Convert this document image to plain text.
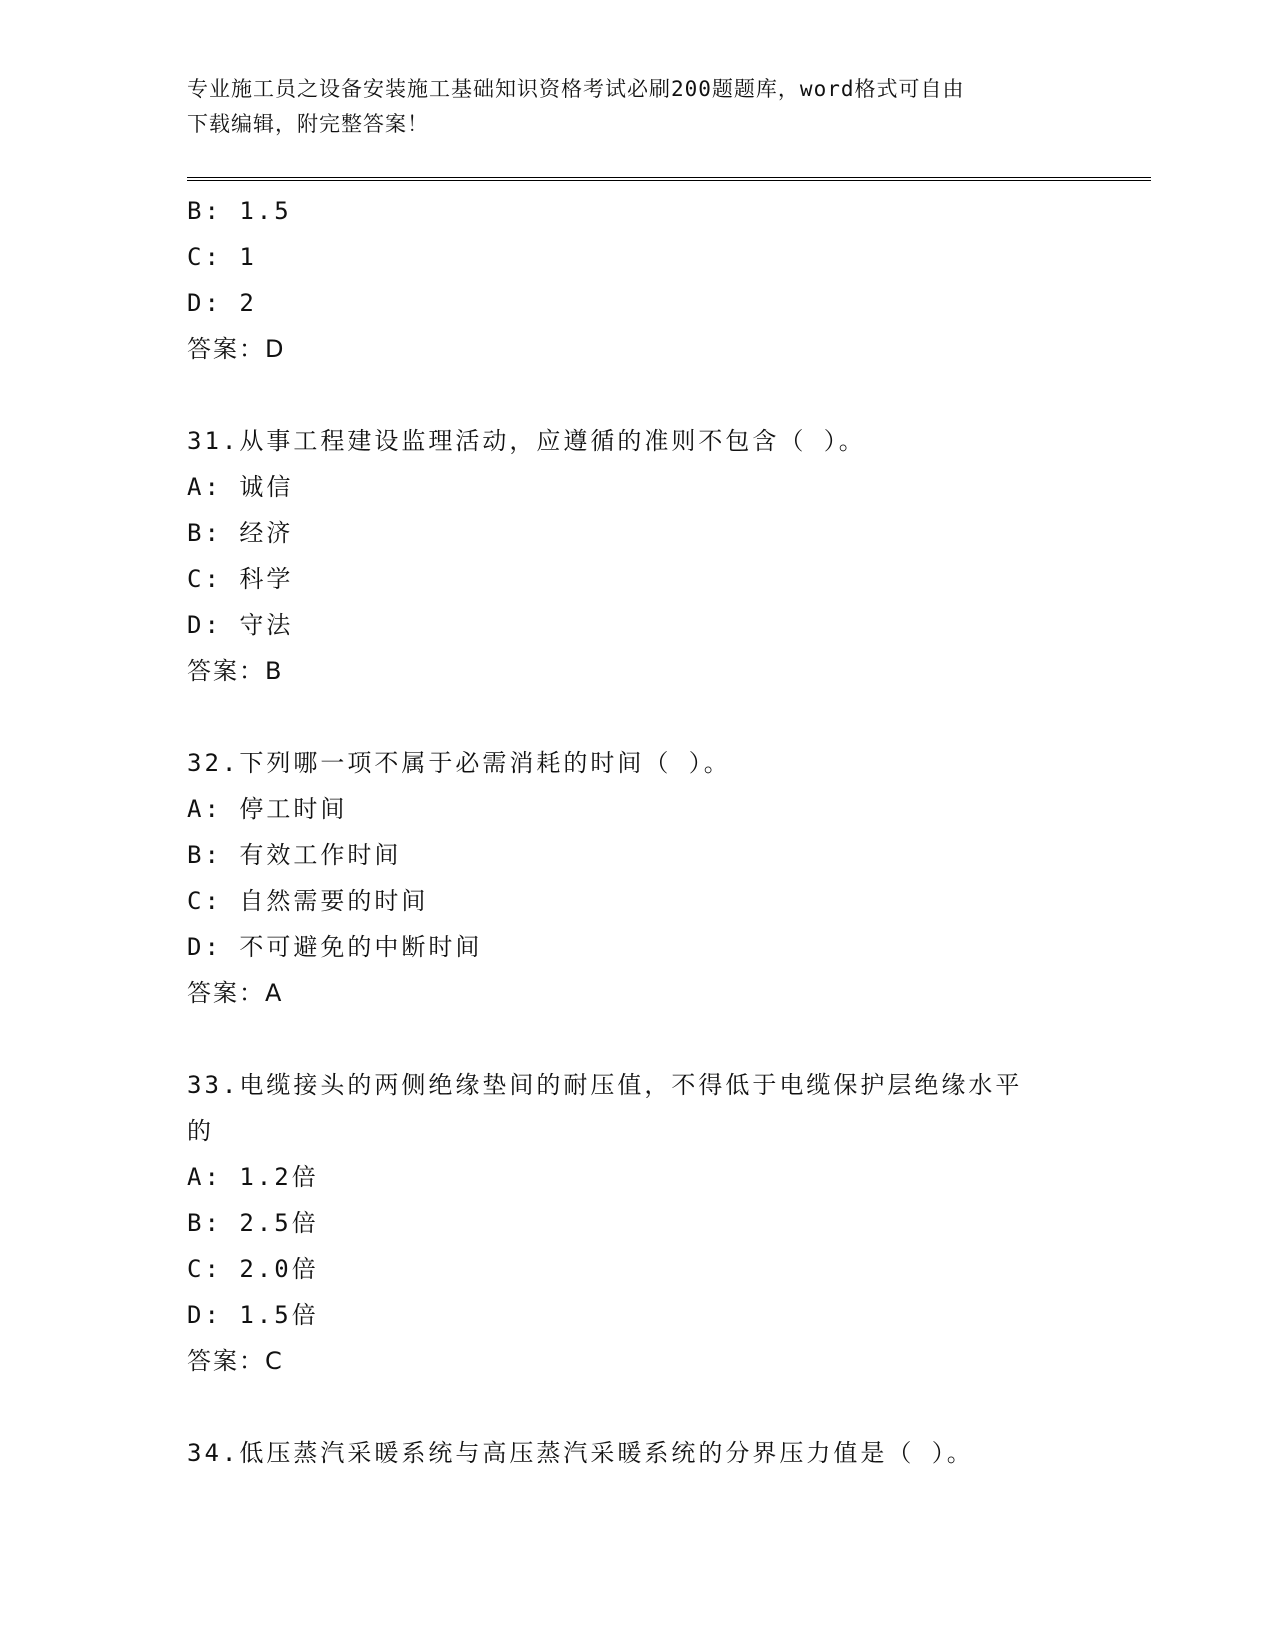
专业施工员之设备安装施工基础知识资格考试必刷200题题库，word格式可自由
下载编辑，附完整答案！
B: 1.5
C: 1
D: 2
答案：D
31.从事工程建设监理活动，应遵循的准则不包含（ ）。
A: 诚信
B: 经济
C: 科学
D: 守法
答案：B
32.下列哪一项不属于必需消耗的时间（ ）。
A: 停工时间
B: 有效工作时间
C: 自然需要的时间
D: 不可避免的中断时间
答案：A
33.电缆接头的两侧绝缘垫间的耐压值，不得低于电缆保护层绝缘水平
的
A: 1.2倍
B: 2.5倍
C: 2.0倍
D: 1.5倍
答案：C
34.低压蒸汽采暖系统与高压蒸汽采暖系统的分界压力值是（ ）。
